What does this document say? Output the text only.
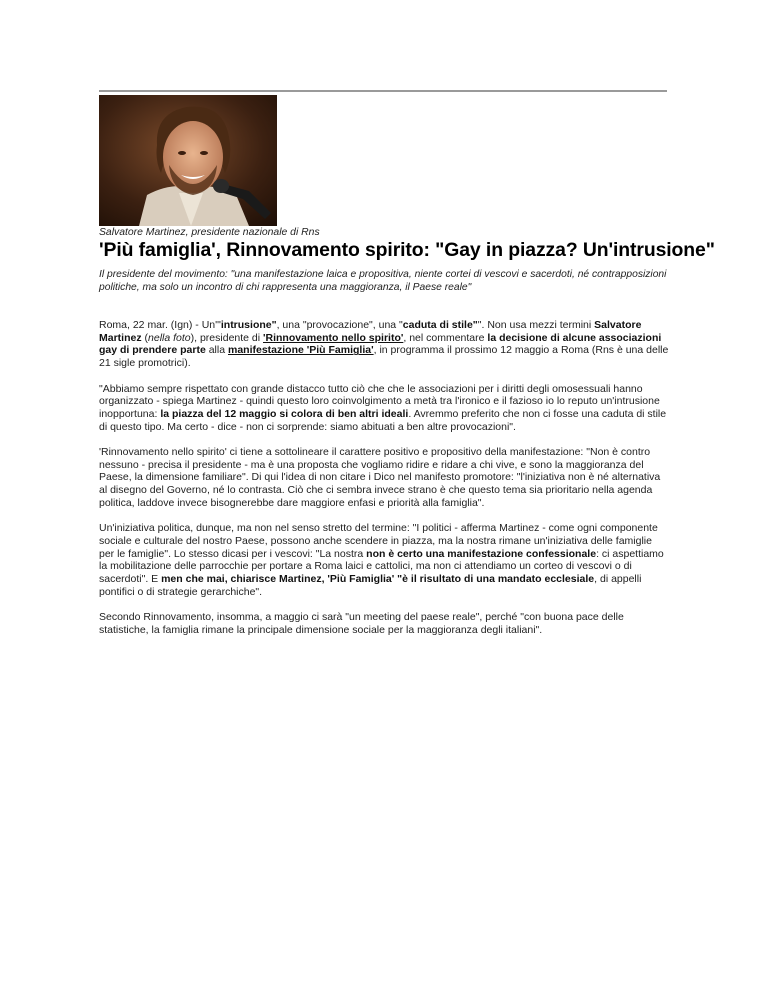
Salvatore Martinez, presidente nazionale di Rns
'Più famiglia', Rinnovamento spirito: "Gay in piazza? Un'intrusione"
Il presidente del movimento: "una manifestazione laica e propositiva, niente cortei di vescovi e sacerdoti, né contrapposizioni politiche, ma solo un incontro di chi rappresenta una maggioranza, il Paese reale"

Roma, 22 mar. (Ign) - Un'"intrusione", una "provocazione", una "caduta di stile"". Non usa mezzi termini Salvatore Martinez (nella foto), presidente di 'Rinnovamento nello spirito', nel commentare la decisione di alcune associazioni gay di prendere parte alla manifestazione 'Più Famiglia', in programma il prossimo 12 maggio a Roma (Rns è una delle 21 sigle promotrici).

"Abbiamo sempre rispettato con grande distacco tutto ciò che che le associazioni per i diritti degli omosessuali hanno organizzato - spiega Martinez - quindi questo loro coinvolgimento a metà tra l'ironico e il fazioso io lo reputo un'intrusione inopportuna: la piazza del 12 maggio si colora di ben altri ideali. Avremmo preferito che non ci fosse una caduta di stile di questo tipo. Ma certo - dice - non ci sorprende: siamo abituati a ben altre provocazioni".

'Rinnovamento nello spirito' ci tiene a sottolineare il carattere positivo e propositivo della manifestazione: "Non è contro nessuno - precisa il presidente - ma è una proposta che vogliamo ridire e ridare a chi vive, e sono la maggioranza del Paese, la dimensione familiare". Di qui l'idea di non citare i Dico nel manifesto promotore: "l'iniziativa non è né alternativa al disegno del Governo, né lo contrasta. Ciò che ci sembra invece strano è che questo tema sia prioritario nella agenda politica, laddove invece bisognerebbe dare maggiore enfasi e priorità alla famiglia".

Un'iniziativa politica, dunque, ma non nel senso stretto del termine: "I politici - afferma Martinez - come ogni componente sociale e culturale del nostro Paese, possono anche scendere in piazza, ma la nostra rimane un'iniziativa delle famiglie per le famiglie". Lo stesso dicasi per i vescovi: "La nostra non è certo una manifestazione confessionale: ci aspettiamo la mobilitazione delle parrocchie per portare a Roma laici e cattolici, ma non ci attendiamo un corteo di vescovi o di sacerdoti". E men che mai, chiarisce Martinez, 'Più Famiglia' "è il risultato di una mandato ecclesiale, di appelli pontifici o di strategie gerarchiche".

Secondo Rinnovamento, insomma, a maggio ci sarà "un meeting del paese reale", perché "con buona pace delle statistiche, la famiglia rimane la principale dimensione sociale per la maggioranza degli italiani".
